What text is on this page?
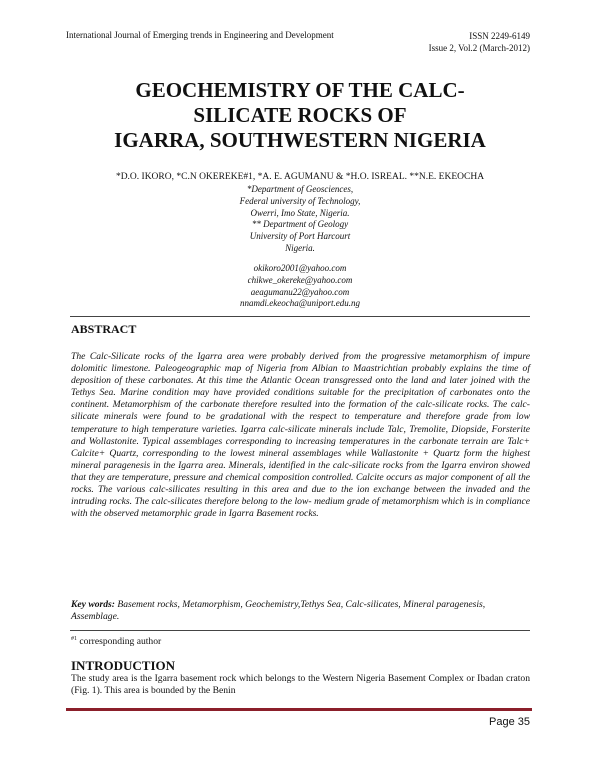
International Journal of Emerging trends in Engineering and Development	ISSN 2249-6149
Issue 2, Vol.2 (March-2012)
GEOCHEMISTRY OF THE CALC-
SILICATE ROCKS OF
IGARRA, SOUTHWESTERN NIGERIA
*D.O. IKORO, *C.N OKEREKE#1, *A. E. AGUMANU & *H.O. ISREAL. **N.E. EKEOCHA
*Department of Geosciences,
Federal university of Technology,
Owerri, Imo State, Nigeria.
** Department of Geology
University of Port Harcourt
Nigeria.
okikoro2001@yahoo.com
chikwe_okereke@yahoo.com
aeagumanu22@yahoo.com
nnamdi.ekeocha@uniport.edu.ng
ABSTRACT
The Calc-Silicate rocks of the Igarra area were probably derived from the progressive metamorphism of impure dolomitic limestone. Paleogeographic map of Nigeria from Albian to Maastrichtian probably explains the time of deposition of these carbonates. At this time the Atlantic Ocean transgressed onto the land and later joined with the Tethys Sea. Marine condition may have provided conditions suitable for the precipitation of carbonates onto the continent. Metamorphism of the carbonate therefore resulted into the formation of the calc-silicate rocks. The calc-silicate minerals were found to be gradational with the respect to temperature and therefore grade from low temperature to high temperature varieties. Igarra calc-silicate minerals include Talc, Tremolite, Diopside, Forsterite and Wollastonite. Typical assemblages corresponding to increasing temperatures in the carbonate terrain are Talc+ Calcite+ Quartz, corresponding to the lowest mineral assemblages while Wallastonite + Quartz form the highest mineral paragenesis in the Igarra area. Minerals, identified in the calc-silicate rocks from the Igarra environ showed that they are temperature, pressure and chemical composition controlled. Calcite occurs as major component of all the rocks. The various calc-silicates resulting in this area and due to the ion exchange between the invaded and the intruding rocks. The calc-silicates therefore belong to the low- medium grade of metamorphism which is in compliance with the observed metamorphic grade in Igarra Basement rocks.
Key words: Basement rocks, Metamorphism, Geochemistry,Tethys Sea, Calc-silicates, Mineral paragenesis, Assemblage.
$^{\#1}$ corresponding author
INTRODUCTION
The study area is the Igarra basement rock which belongs to the Western Nigeria Basement Complex or Ibadan craton (Fig. 1). This area is bounded by the Benin
Page 35
